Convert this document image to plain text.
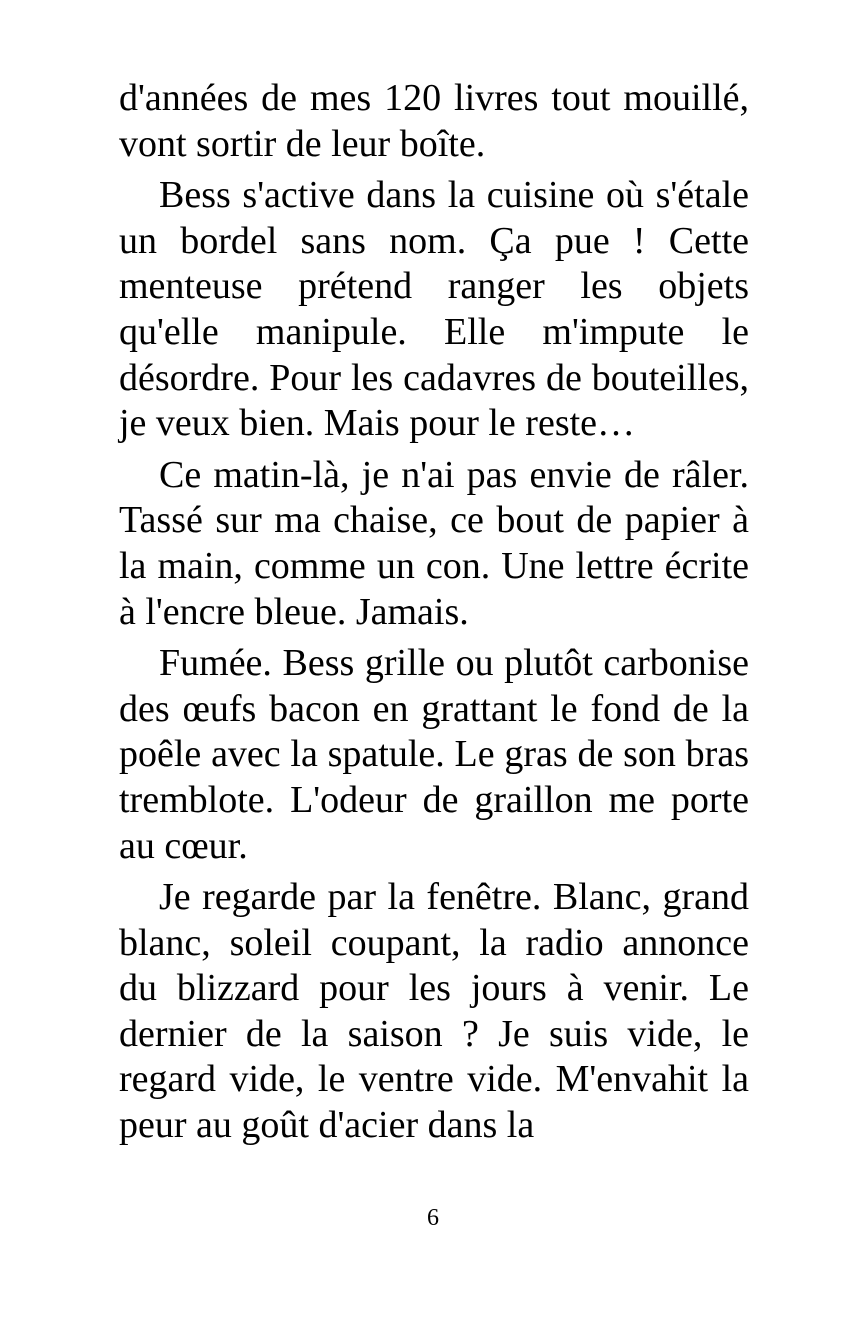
d'années de mes 120 livres tout mouillé, vont sortir de leur boîte.

Bess s'active dans la cuisine où s'étale un bordel sans nom. Ça pue ! Cette menteuse prétend ranger les objets qu'elle manipule. Elle m'impute le désordre. Pour les cadavres de bouteilles, je veux bien. Mais pour le reste…

Ce matin-là, je n'ai pas envie de râler. Tassé sur ma chaise, ce bout de papier à la main, comme un con. Une lettre écrite à l'encre bleue. Jamais.

Fumée. Bess grille ou plutôt carbonise des œufs bacon en grattant le fond de la poêle avec la spatule. Le gras de son bras tremblote. L'odeur de graillon me porte au cœur.

Je regarde par la fenêtre. Blanc, grand blanc, soleil coupant, la radio annonce du blizzard pour les jours à venir. Le dernier de la saison ? Je suis vide, le regard vide, le ventre vide. M'envahit la peur au goût d'acier dans la

6
